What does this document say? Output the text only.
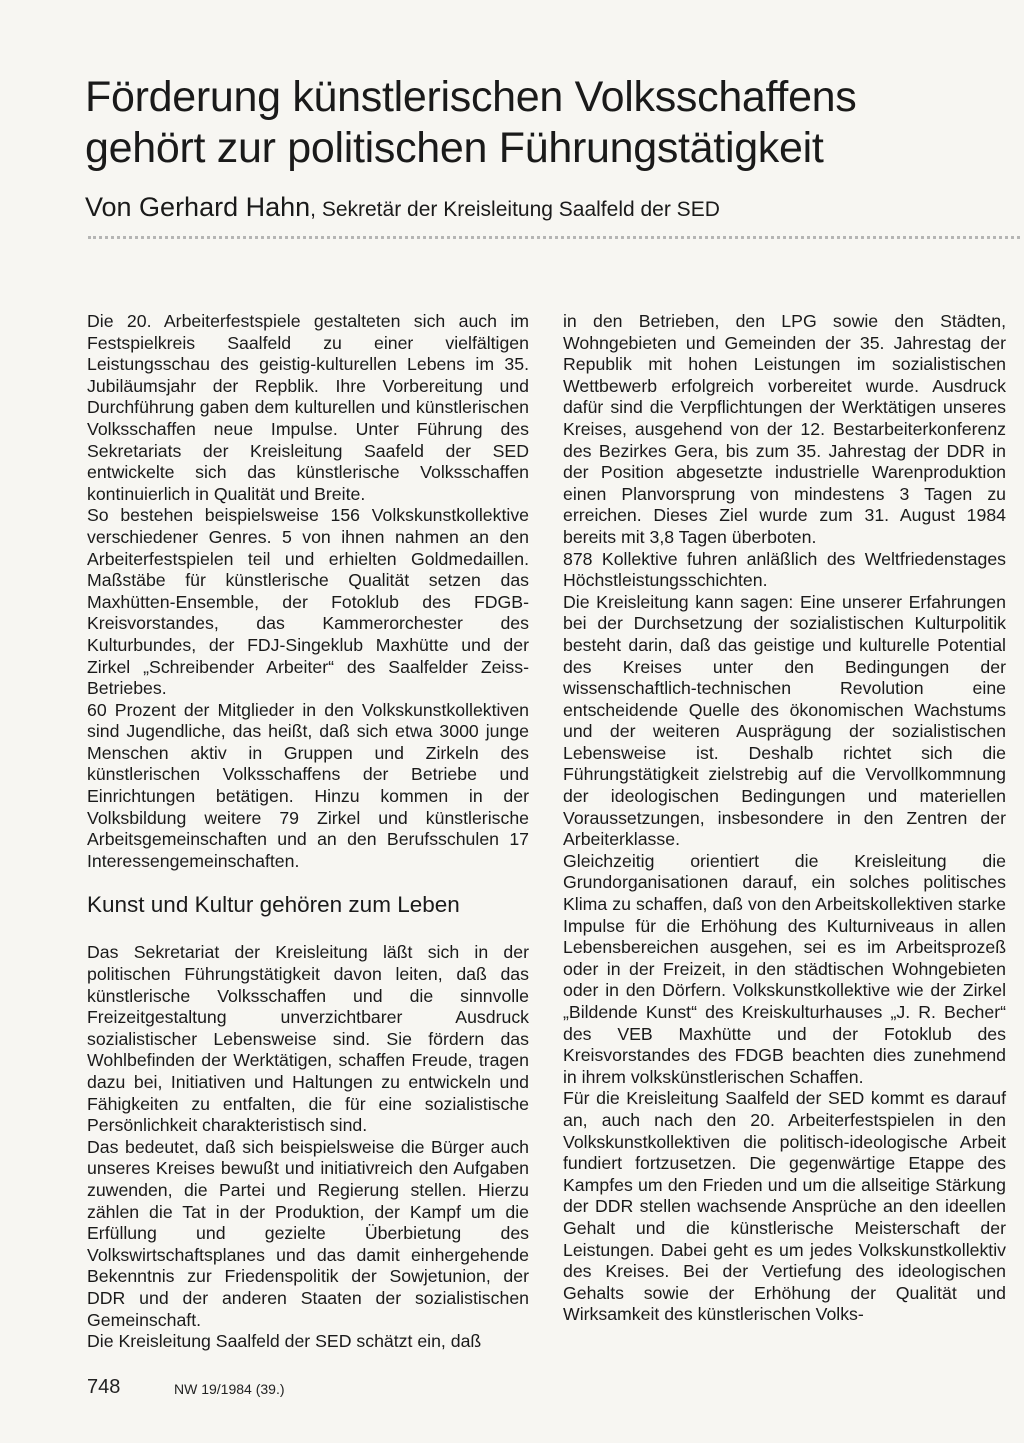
Förderung künstlerischen Volksschaffens
gehört zur politischen Führungstätigkeit
Von Gerhard Hahn, Sekretär der Kreisleitung Saalfeld der SED

Die 20. Arbeiterfestspiele gestalteten sich auch im Festspielkreis Saalfeld zu einer vielfältigen Leistungsschau des geistig-kulturellen Lebens im 35. Jubiläumsjahr der Repblik. Ihre Vorbereitung und Durchführung gaben dem kulturellen und künstlerischen Volksschaffen neue Impulse. Unter Führung des Sekretariats der Kreisleitung Saafeld der SED entwickelte sich das künstlerische Volksschaffen kontinuierlich in Qualität und Breite.

So bestehen beispielsweise 156 Volkskunstkollektive verschiedener Genres. 5 von ihnen nahmen an den Arbeiterfestspielen teil und erhielten Goldmedaillen. Maßstäbe für künstlerische Qualität setzen das Maxhütten-Ensemble, der Fotoklub des FDGB-Kreisvorstandes, das Kammerorchester des Kulturbundes, der FDJ-Singeklub Maxhütte und der Zirkel „Schreibender Arbeiter“ des Saalfelder Zeiss-Betriebes.

60 Prozent der Mitglieder in den Volkskunstkollektiven sind Jugendliche, das heißt, daß sich etwa 3000 junge Menschen aktiv in Gruppen und Zirkeln des künstlerischen Volksschaffens der Betriebe und Einrichtungen betätigen. Hinzu kommen in der Volksbildung weitere 79 Zirkel und künstlerische Arbeitsgemeinschaften und an den Berufsschulen 17 Interessengemeinschaften.

Kunst und Kultur gehören zum Leben

Das Sekretariat der Kreisleitung läßt sich in der politischen Führungstätigkeit davon leiten, daß das künstlerische Volksschaffen und die sinnvolle Freizeitgestaltung unverzichtbarer Ausdruck sozialistischer Lebensweise sind. Sie fördern das Wohlbefinden der Werktätigen, schaffen Freude, tragen dazu bei, Initiativen und Haltungen zu entwickeln und Fähigkeiten zu entfalten, die für eine sozialistische Persönlichkeit charakteristisch sind.

Das bedeutet, daß sich beispielsweise die Bürger auch unseres Kreises bewußt und initiativreich den Aufgaben zuwenden, die Partei und Regierung stellen. Hierzu zählen die Tat in der Produktion, der Kampf um die Erfüllung und gezielte Überbietung des Volkswirtschaftsplanes und das damit einhergehende Bekenntnis zur Friedenspolitik der Sowjetunion, der DDR und der anderen Staaten der sozialistischen Gemeinschaft.

Die Kreisleitung Saalfeld der SED schätzt ein, daß

in den Betrieben, den LPG sowie den Städten, Wohngebieten und Gemeinden der 35. Jahrestag der Republik mit hohen Leistungen im sozialistischen Wettbewerb erfolgreich vorbereitet wurde. Ausdruck dafür sind die Verpflichtungen der Werktätigen unseres Kreises, ausgehend von der 12. Bestarbeiterkonferenz des Bezirkes Gera, bis zum 35. Jahrestag der DDR in der Position abgesetzte industrielle Warenproduktion einen Planvorsprung von mindestens 3 Tagen zu erreichen. Dieses Ziel wurde zum 31. August 1984 bereits mit 3,8 Tagen überboten.

878 Kollektive fuhren anläßlich des Weltfriedenstages Höchstleistungsschichten.

Die Kreisleitung kann sagen: Eine unserer Erfahrungen bei der Durchsetzung der sozialistischen Kulturpolitik besteht darin, daß das geistige und kulturelle Potential des Kreises unter den Bedingungen der wissenschaftlich-technischen Revolution eine entscheidende Quelle des ökonomischen Wachstums und der weiteren Ausprägung der sozialistischen Lebensweise ist. Deshalb richtet sich die Führungstätigkeit zielstrebig auf die Vervollkommnung der ideologischen Bedingungen und materiellen Voraussetzungen, insbesondere in den Zentren der Arbeiterklasse.

Gleichzeitig orientiert die Kreisleitung die Grundorganisationen darauf, ein solches politisches Klima zu schaffen, daß von den Arbeitskollektiven starke Impulse für die Erhöhung des Kulturniveaus in allen Lebensbereichen ausgehen, sei es im Arbeitsprozeß oder in der Freizeit, in den städtischen Wohngebieten oder in den Dörfern. Volkskunstkollektive wie der Zirkel „Bildende Kunst“ des Kreiskulturhauses „J. R. Becher“ des VEB Maxhütte und der Fotoklub des Kreisvorstandes des FDGB beachten dies zunehmend in ihrem volkskünstlerischen Schaffen.

Für die Kreisleitung Saalfeld der SED kommt es darauf an, auch nach den 20. Arbeiterfestspielen in den Volkskunstkollektiven die politisch-ideologische Arbeit fundiert fortzusetzen. Die gegenwärtige Etappe des Kampfes um den Frieden und um die allseitige Stärkung der DDR stellen wachsende Ansprüche an den ideellen Gehalt und die künstlerische Meisterschaft der Leistungen. Dabei geht es um jedes Volkskunstkollektiv des Kreises. Bei der Vertiefung des ideologischen Gehalts sowie der Erhöhung der Qualität und Wirksamkeit des künstlerischen Volks-

748	NW 19/1984 (39.)
